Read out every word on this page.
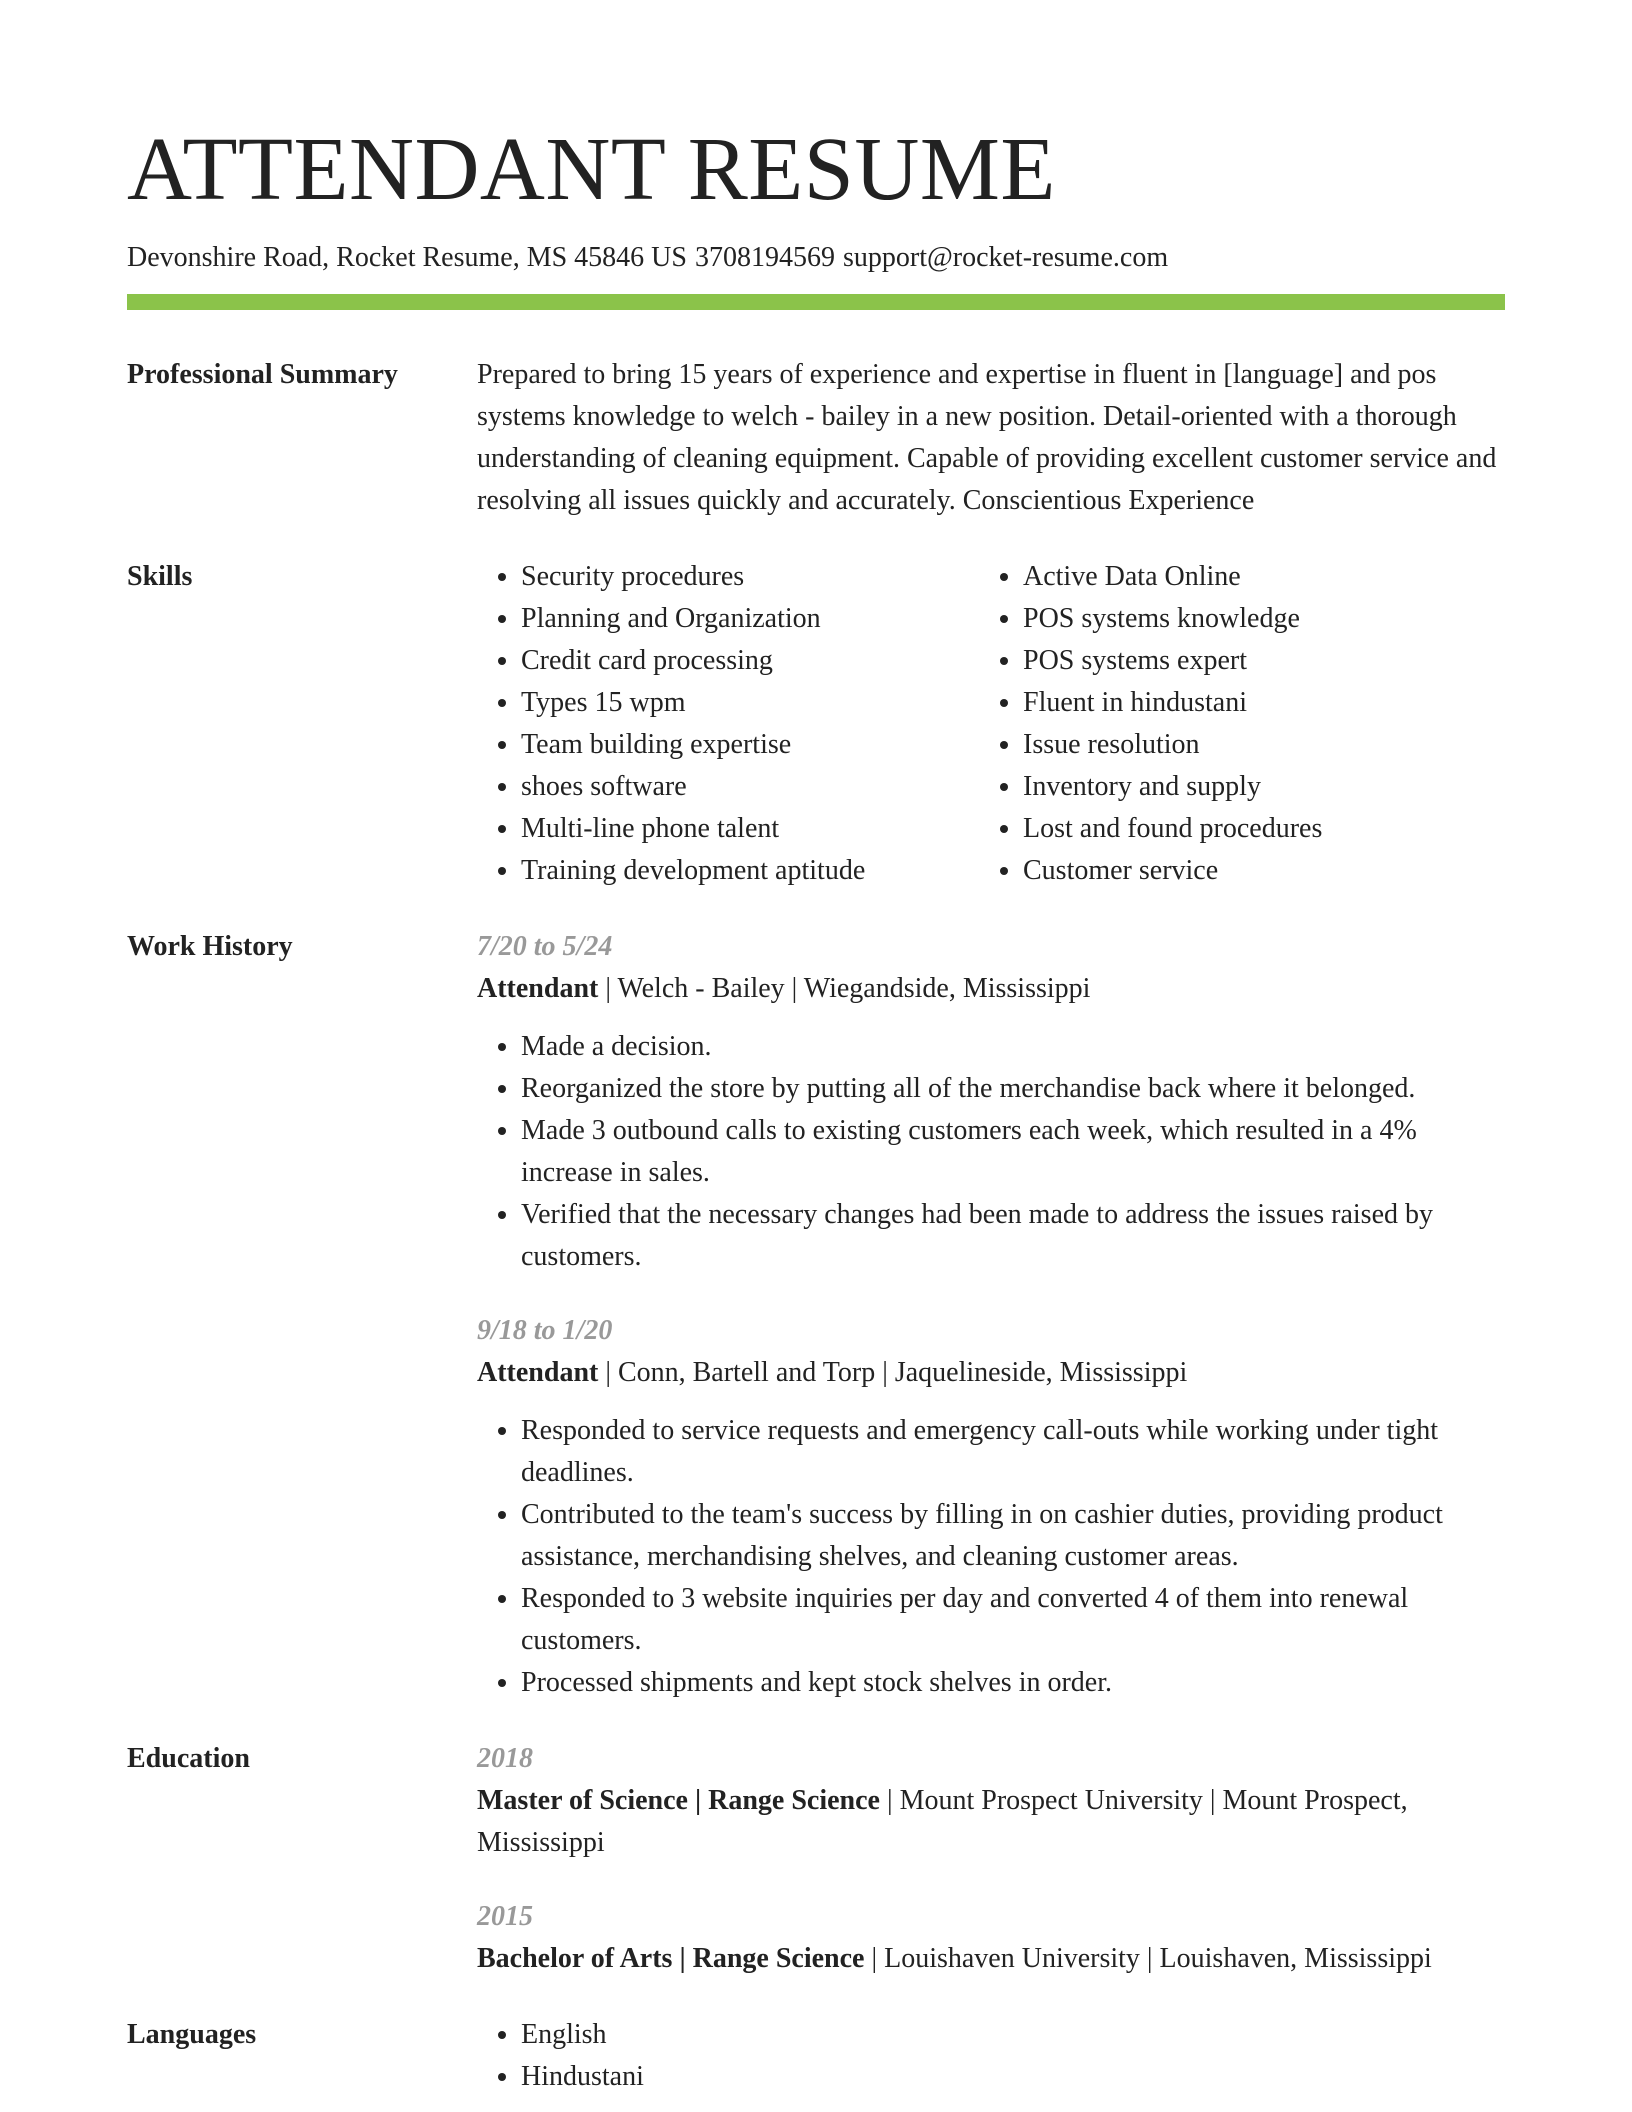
ATTENDANT RESUME
Devonshire Road, Rocket Resume, MS 45846 US 3708194569 support@rocket-resume.com
Professional Summary	Prepared to bring 15 years of experience and expertise in fluent in [language] and pos systems knowledge to welch - bailey in a new position. Detail-oriented with a thorough understanding of cleaning equipment. Capable of providing excellent customer service and resolving all issues quickly and accurately. Conscientious Experience

Skills	• Security procedures
• Planning and Organization
• Credit card processing
• Types 15 wpm
• Team building expertise
• shoes software
• Multi-line phone talent
• Training development aptitude
• Active Data Online
• POS systems knowledge
• POS systems expert
• Fluent in hindustani
• Issue resolution
• Inventory and supply
• Lost and found procedures
• Customer service
Work History	7/20 to 5/24
Attendant | Welch - Bailey | Wiegandside, Mississippi
• Made a decision.
• Reorganized the store by putting all of the merchandise back where it belonged.
• Made 3 outbound calls to existing customers each week, which resulted in a 4% increase in sales.
• Verified that the necessary changes had been made to address the issues raised by customers.
9/18 to 1/20
Attendant | Conn, Bartell and Torp | Jaquelineside, Mississippi
• Responded to service requests and emergency call-outs while working under tight deadlines.
• Contributed to the team's success by filling in on cashier duties, providing product assistance, merchandising shelves, and cleaning customer areas.
• Responded to 3 website inquiries per day and converted 4 of them into renewal customers.
• Processed shipments and kept stock shelves in order.
Education	2018
Master of Science | Range Science | Mount Prospect University | Mount Prospect, Mississippi
2015
Bachelor of Arts | Range Science | Louishaven University | Louishaven, Mississippi
Languages	• English
• Hindustani
